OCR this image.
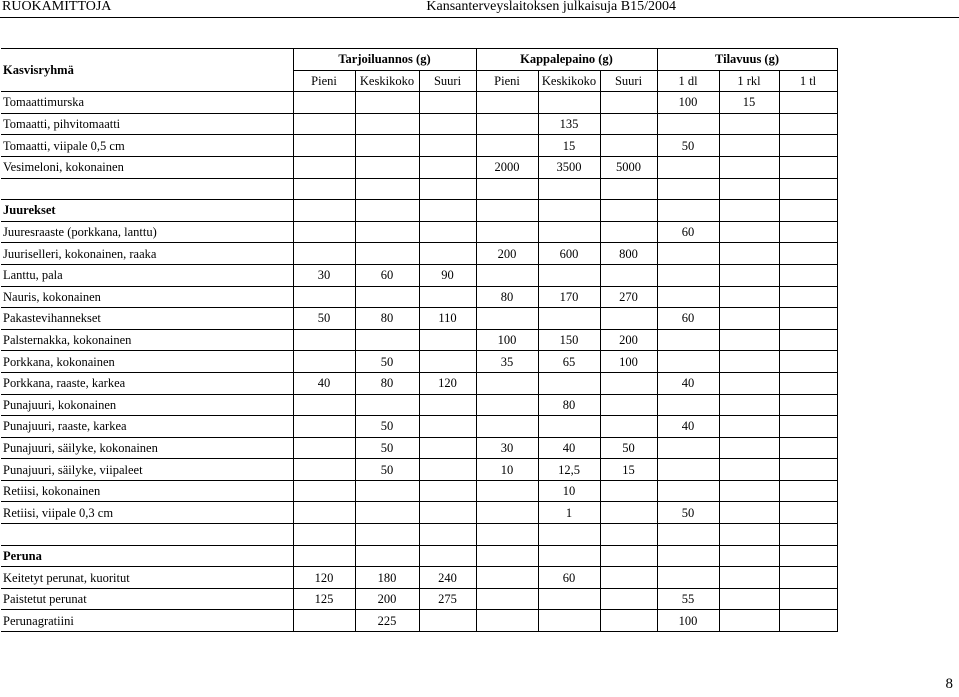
RUOKAMITTOJA	Kansanterveyslaitoksen julkaisuja B15/2004
Kasvisryhmä	Tarjoiluannos (g)			Kappalepaino (g)			Tilavuus (g)		
	Pieni	Keskikoko	Suuri	Pieni	Keskikoko	Suuri	1 dl	1 rkl	1 tl
Tomaattimurska							100	15	
Tomaatti, pihvitomaatti					135				
Tomaatti, viipale 0,5 cm					15		50		
Vesimeloni, kokonainen				2000	3500	5000			

Juurekset									
Juuresraaste (porkkana, lanttu)							60		
Juuriselleri, kokonainen, raaka				200	600	800			
Lanttu, pala	30	60	90						
Nauris, kokonainen				80	170	270			
Pakastevihannekset	50	80	110				60		
Palsternakka, kokonainen				100	150	200			
Porkkana, kokonainen		50		35	65	100			
Porkkana, raaste, karkea	40	80	120				40		
Punajuuri, kokonainen					80				
Punajuuri, raaste, karkea		50					40		
Punajuuri, säilyke, kokonainen		50		30	40	50			
Punajuuri, säilyke, viipaleet		50		10	12,5	15			
Retiisi, kokonainen					10				
Retiisi, viipale 0,3 cm					1		50		

Peruna									
Keitetyt perunat, kuoritut	120	180	240		60				
Paistetut perunat	125	200	275				55		
Perunagratiini		225					100		
8
